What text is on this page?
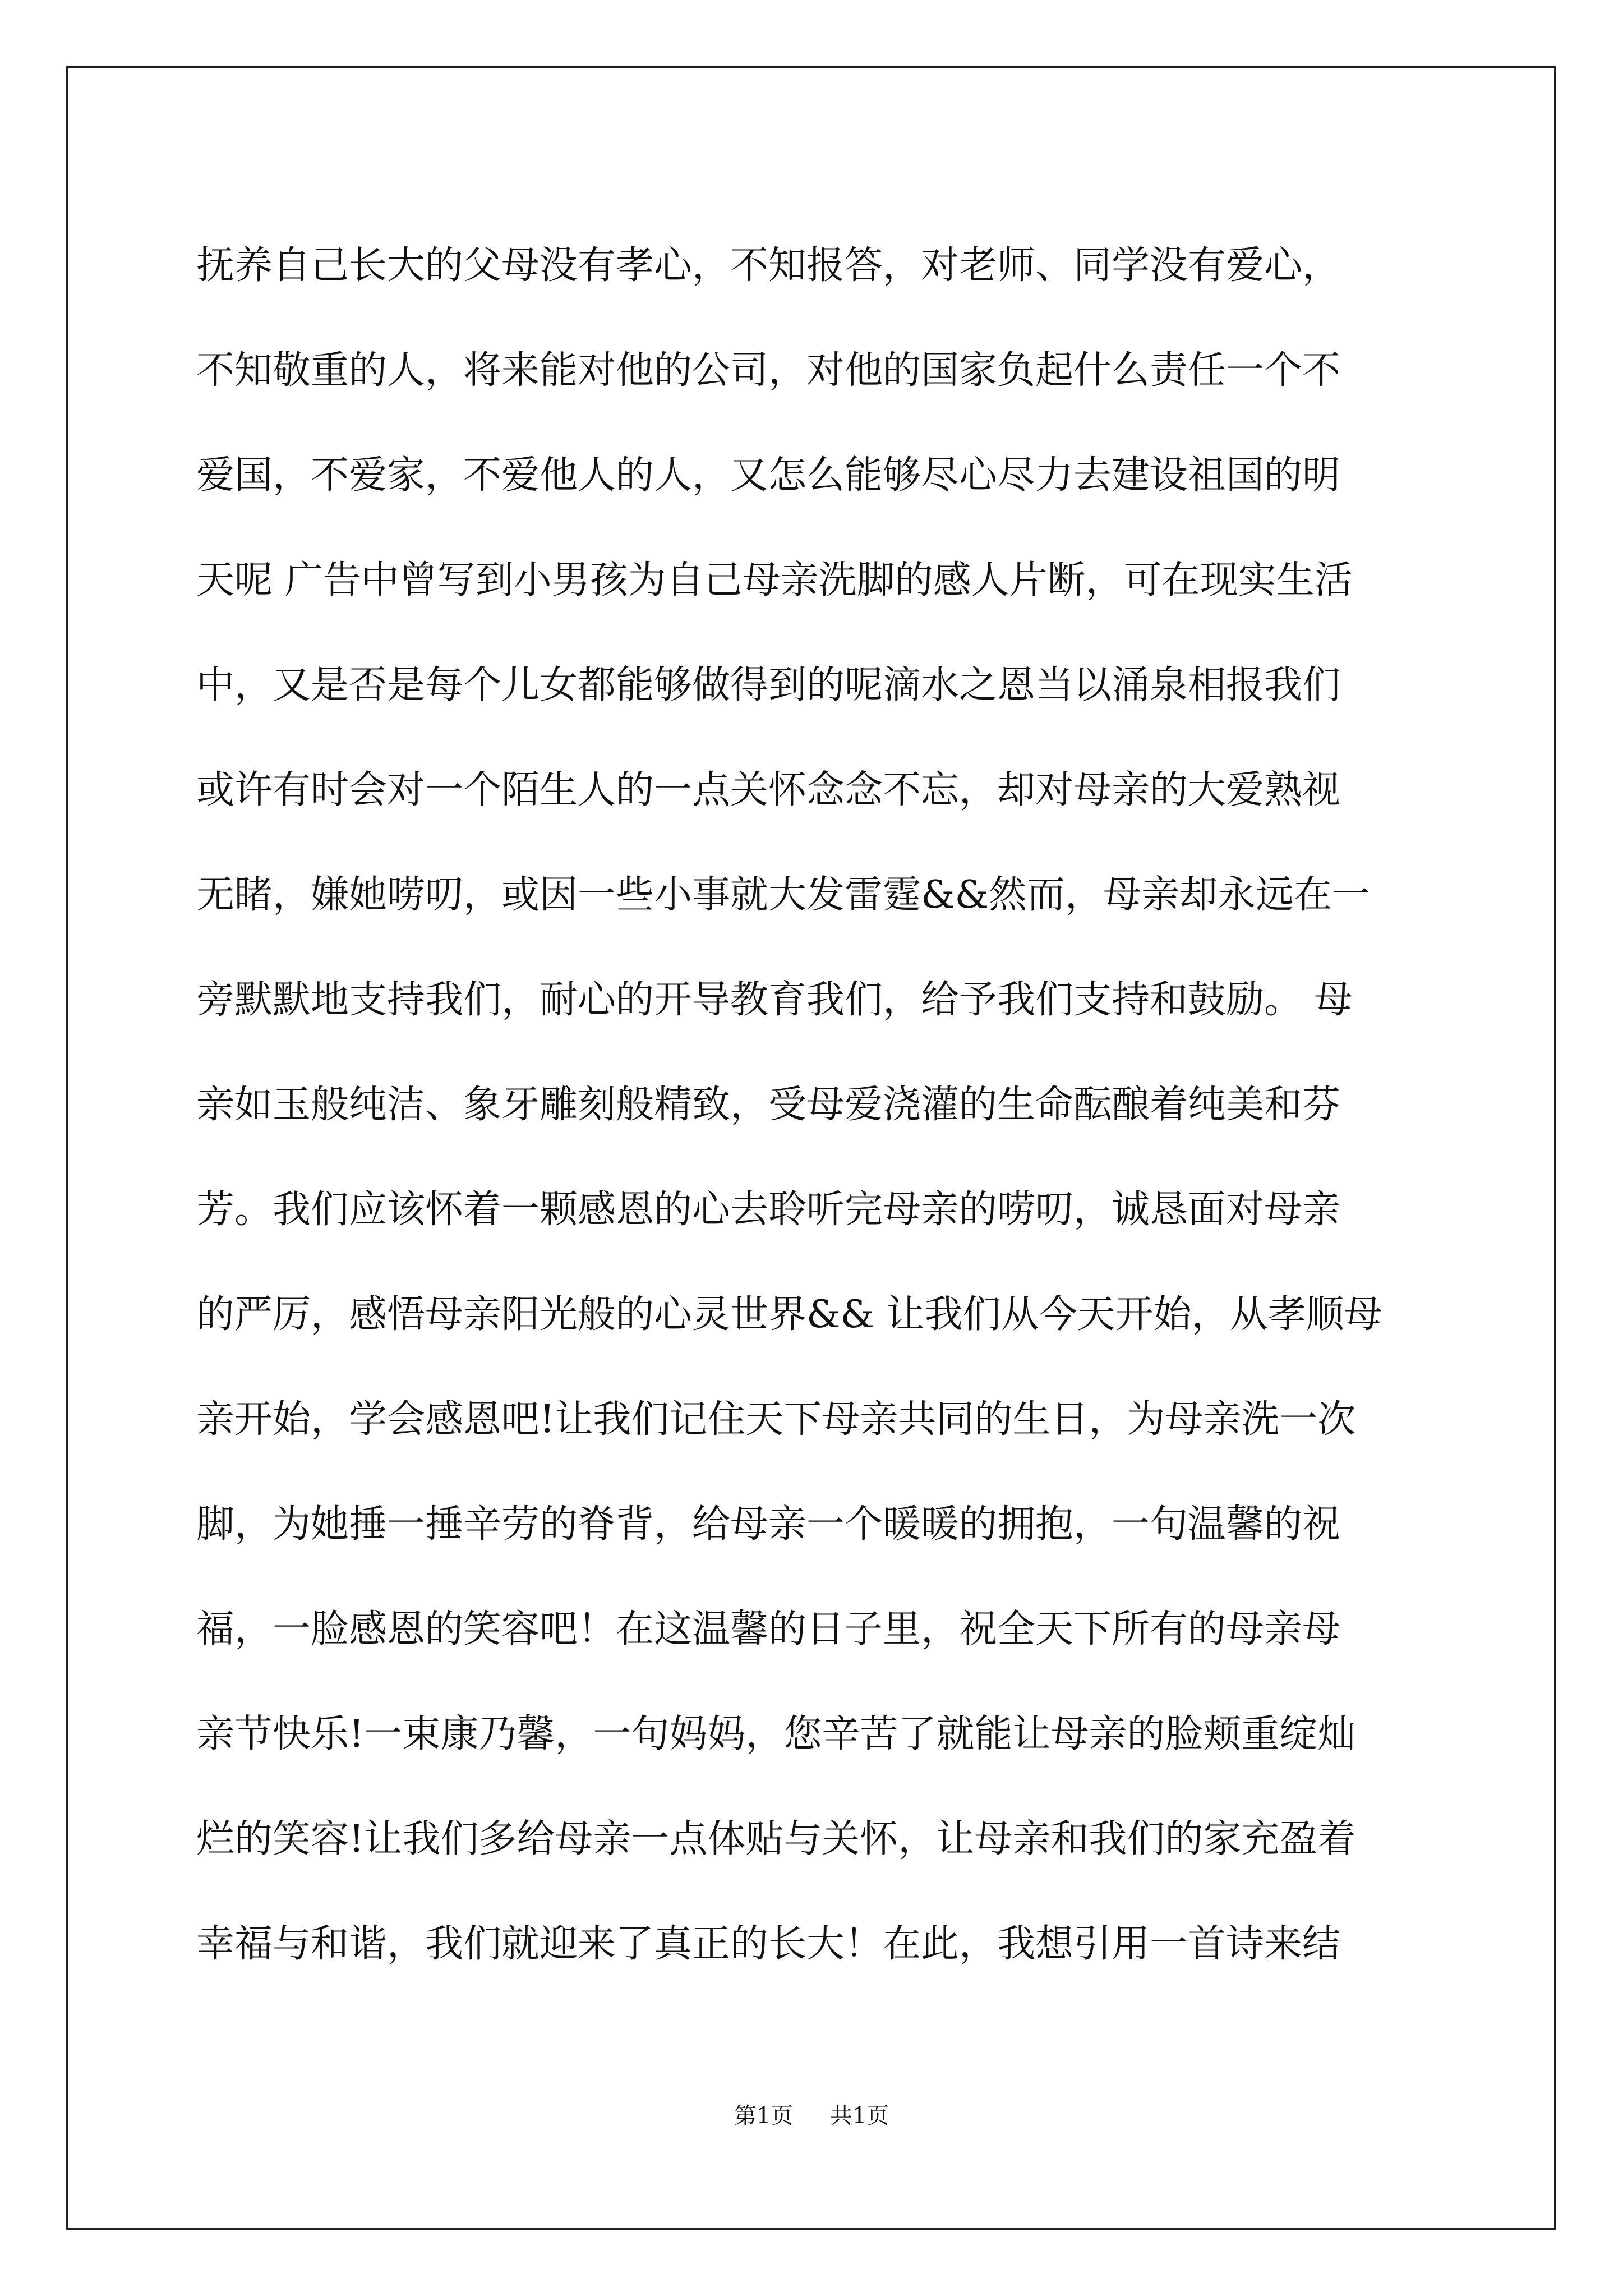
抚养自己长大的父母没有孝心，不知报答，对老师、同学没有爱心，
不知敬重的人，将来能对他的公司，对他的国家负起什么责任一个不
爱国，不爱家，不爱他人的人，又怎么能够尽心尽力去建设祖国的明
天呢 广告中曾写到小男孩为自己母亲洗脚的感人片断，可在现实生活
中，又是否是每个儿女都能够做得到的呢滴水之恩当以涌泉相报我们
或许有时会对一个陌生人的一点关怀念念不忘，却对母亲的大爱熟视
无睹，嫌她唠叨，或因一些小事就大发雷霆&&然而，母亲却永远在一
旁默默地支持我们，耐心的开导教育我们，给予我们支持和鼓励。 母
亲如玉般纯洁、象牙雕刻般精致，受母爱浇灌的生命酝酿着纯美和芬
芳。我们应该怀着一颗感恩的心去聆听完母亲的唠叨，诚恳面对母亲
的严厉，感悟母亲阳光般的心灵世界&& 让我们从今天开始，从孝顺母
亲开始，学会感恩吧!让我们记住天下母亲共同的生日，为母亲洗一次
脚，为她捶一捶辛劳的脊背，给母亲一个暖暖的拥抱，一句温馨的祝
福，一脸感恩的笑容吧！在这温馨的日子里，祝全天下所有的母亲母
亲节快乐!一束康乃馨，一句妈妈，您辛苦了就能让母亲的脸颊重绽灿
烂的笑容!让我们多给母亲一点体贴与关怀，让母亲和我们的家充盈着
幸福与和谐，我们就迎来了真正的长大！在此，我想引用一首诗来结
第1页 共1页
